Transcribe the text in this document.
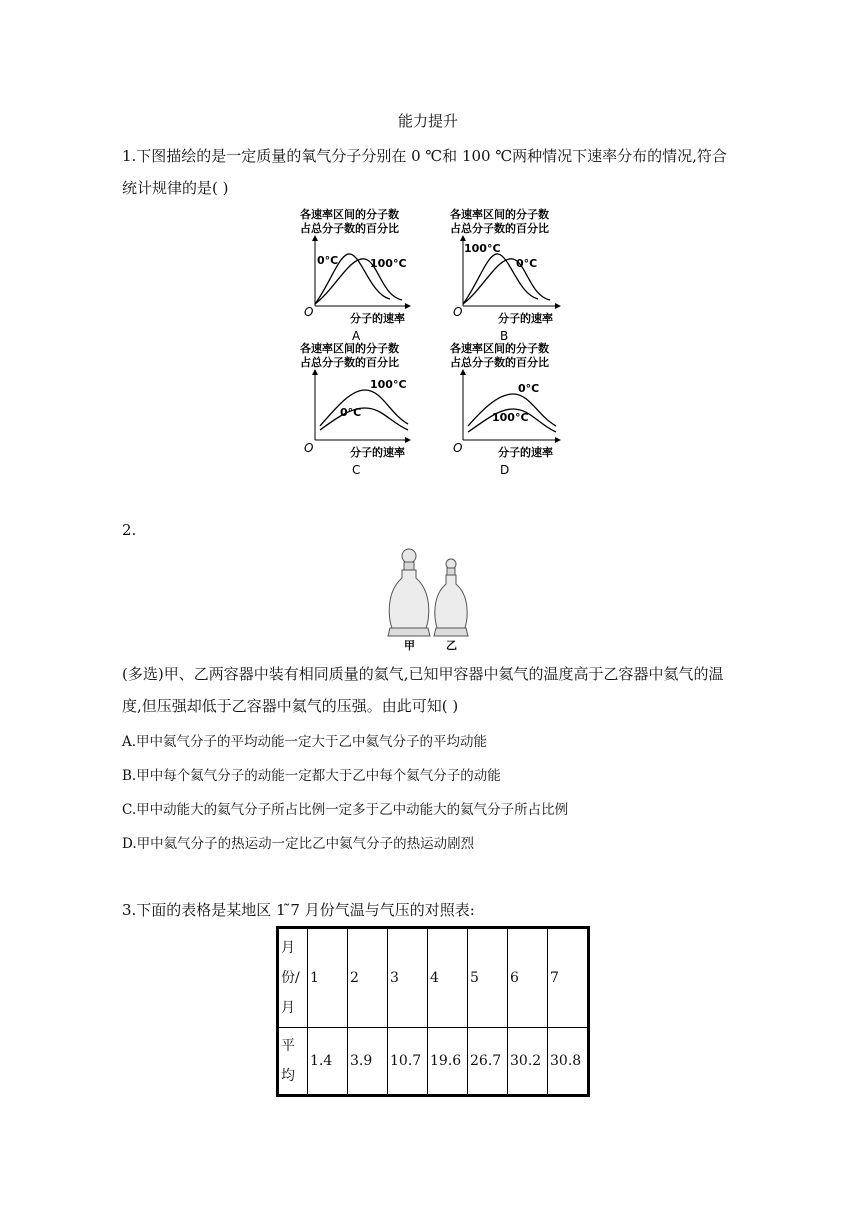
能力提升
1.下图描绘的是一定质量的氧气分子分别在 0 ℃和 100 ℃两种情况下速率分布的情况,符合
统计规律的是( )
各速率区间的分子数
占总分子数的百分比
O	分子的速率
0°C	100°C
A
各速率区间的分子数
占总分子数的百分比
O	分子的速率
100°C
0°C
B
各速率区间的分子数
占总分子数的百分比
O	分子的速率
100°C
0°C
C
各速率区间的分子数
占总分子数的百分比
O	分子的速率
0°C
100°C
D
2.
甲	乙
(多选)甲、乙两容器中装有相同质量的氦气,已知甲容器中氦气的温度高于乙容器中氦气的温
度,但压强却低于乙容器中氦气的压强。由此可知( )
A.甲中氦气分子的平均动能一定大于乙中氦气分子的平均动能
B.甲中每个氦气分子的动能一定都大于乙中每个氦气分子的动能
C.甲中动能大的氦气分子所占比例一定多于乙中动能大的氦气分子所占比例
D.甲中氦气分子的热运动一定比乙中氦气分子的热运动剧烈
3.下面的表格是某地区 1 ̃7 月份气温与气压的对照表:
月
份/
月	1	2	3	4	5	6	7

平
均	1.4	3.9	10.7	19.6	26.7	30.2	30.8
